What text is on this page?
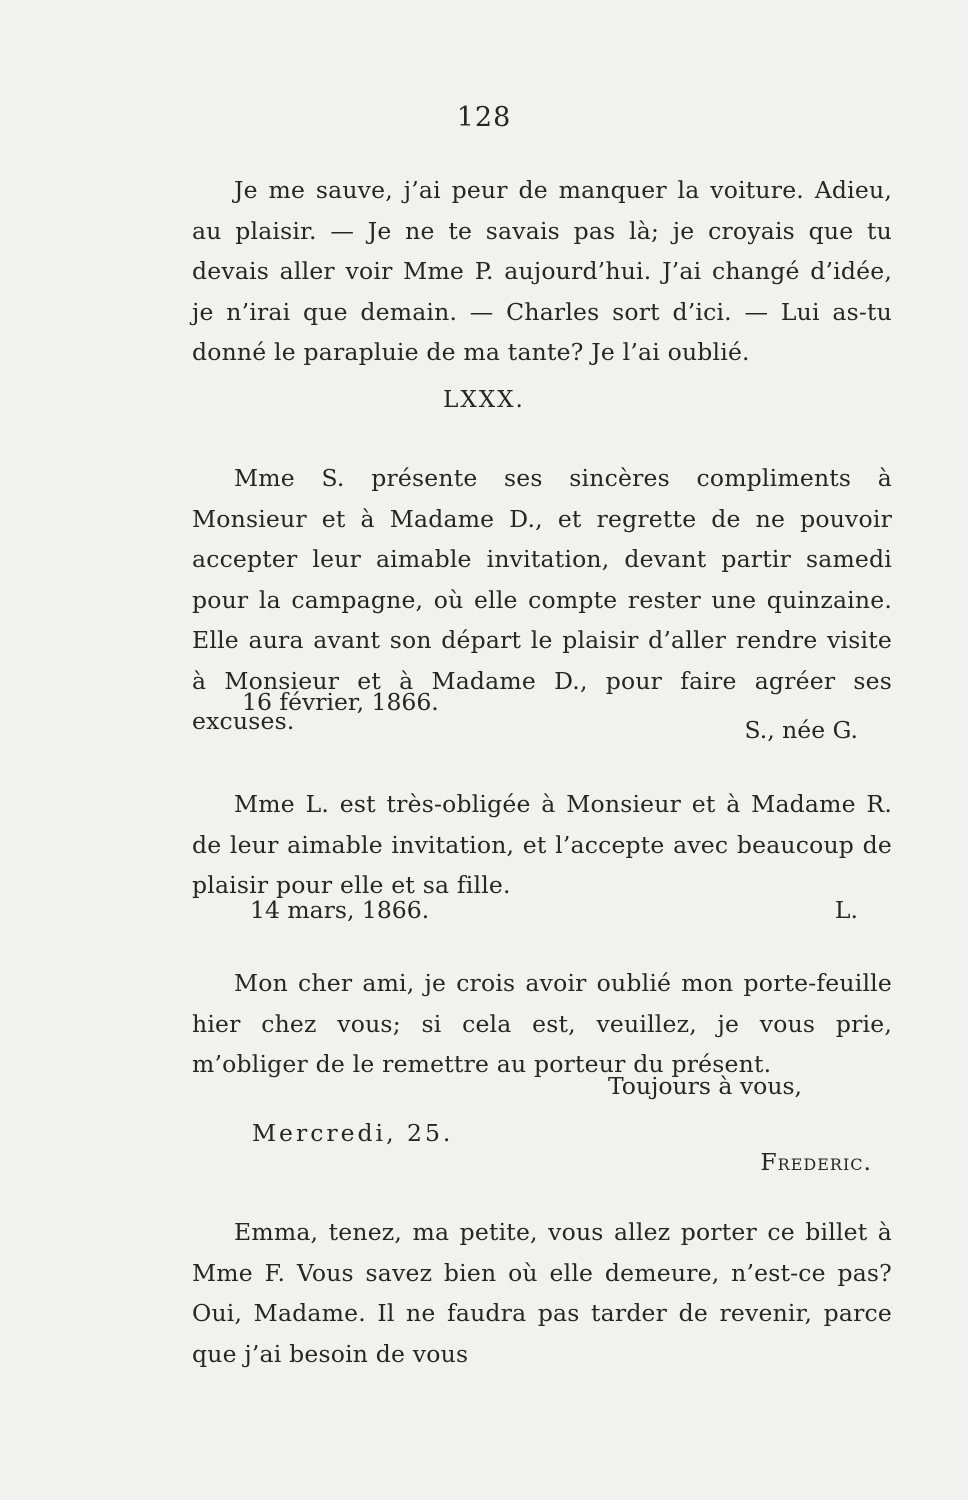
128

Je me sauve, j’ai peur de manquer la voiture. Adieu, au plaisir. — Je ne te savais pas là; je croyais que tu devais aller voir Mme P. aujourd’hui. J’ai changé d’idée, je n’irai que demain. — Charles sort d’ici. — Lui as-tu donné le parapluie de ma tante? Je l’ai oublié.

LXXX.

Mme S. présente ses sincères compliments à Monsieur et à Madame D., et regrette de ne pouvoir accepter leur aimable invitation, devant partir samedi pour la campagne, où elle compte rester une quinzaine. Elle aura avant son départ le plaisir d’aller rendre visite à Monsieur et à Madame D., pour faire agréer ses excuses.

16 février, 1866.
S., née G.

Mme L. est très-obligée à Monsieur et à Madame R. de leur aimable invitation, et l’accepte avec beaucoup de plaisir pour elle et sa fille.

14 mars, 1866.	L.

Mon cher ami, je crois avoir oublié mon porte-feuille hier chez vous; si cela est, veuillez, je vous prie, m’obliger de le remettre au porteur du présent.

Toujours à vous,
Mercredi, 25.
Frederic.

Emma, tenez, ma petite, vous allez porter ce billet à Mme F. Vous savez bien où elle demeure, n’est-ce pas? Oui, Madame. Il ne faudra pas tarder de revenir, parce que j’ai besoin de vous
